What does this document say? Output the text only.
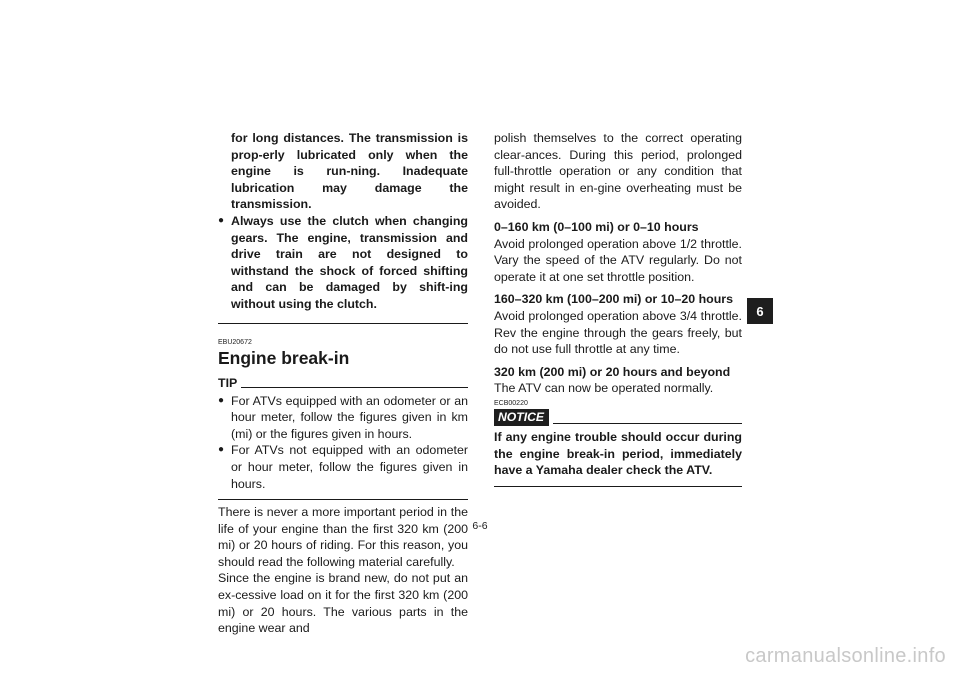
for long distances. The transmission is prop-erly lubricated only when the engine is run-ning. Inadequate lubrication may damage the transmission.

● Always use the clutch when changing gears. The engine, transmission and drive train are not designed to withstand the shock of forced shifting and can be damaged by shift-ing without using the clutch.

EBU20672
Engine break-in
TIP

● For ATVs equipped with an odometer or an hour meter, follow the figures given in km (mi) or the figures given in hours.

● For ATVs not equipped with an odometer or hour meter, follow the figures given in hours.

There is never a more important period in the life of your engine than the first 320 km (200 mi) or 20 hours of riding. For this reason, you should read the following material carefully.

Since the engine is brand new, do not put an ex-cessive load on it for the first 320 km (200 mi) or 20 hours. The various parts in the engine wear and

polish themselves to the correct operating clear-ances. During this period, prolonged full-throttle operation or any condition that might result in en-gine overheating must be avoided.

0–160 km (0–100 mi) or 0–10 hours

Avoid prolonged operation above 1/2 throttle. Vary the speed of the ATV regularly. Do not operate it at one set throttle position.

160–320 km (100–200 mi) or 10–20 hours

Avoid prolonged operation above 3/4 throttle. Rev the engine through the gears freely, but do not use full throttle at any time.

320 km (200 mi) or 20 hours and beyond

The ATV can now be operated normally.

ECB00220
NOTICE

If any engine trouble should occur during the engine break-in period, immediately have a Yamaha dealer check the ATV.

6
6-6
carmanualsonline.info
